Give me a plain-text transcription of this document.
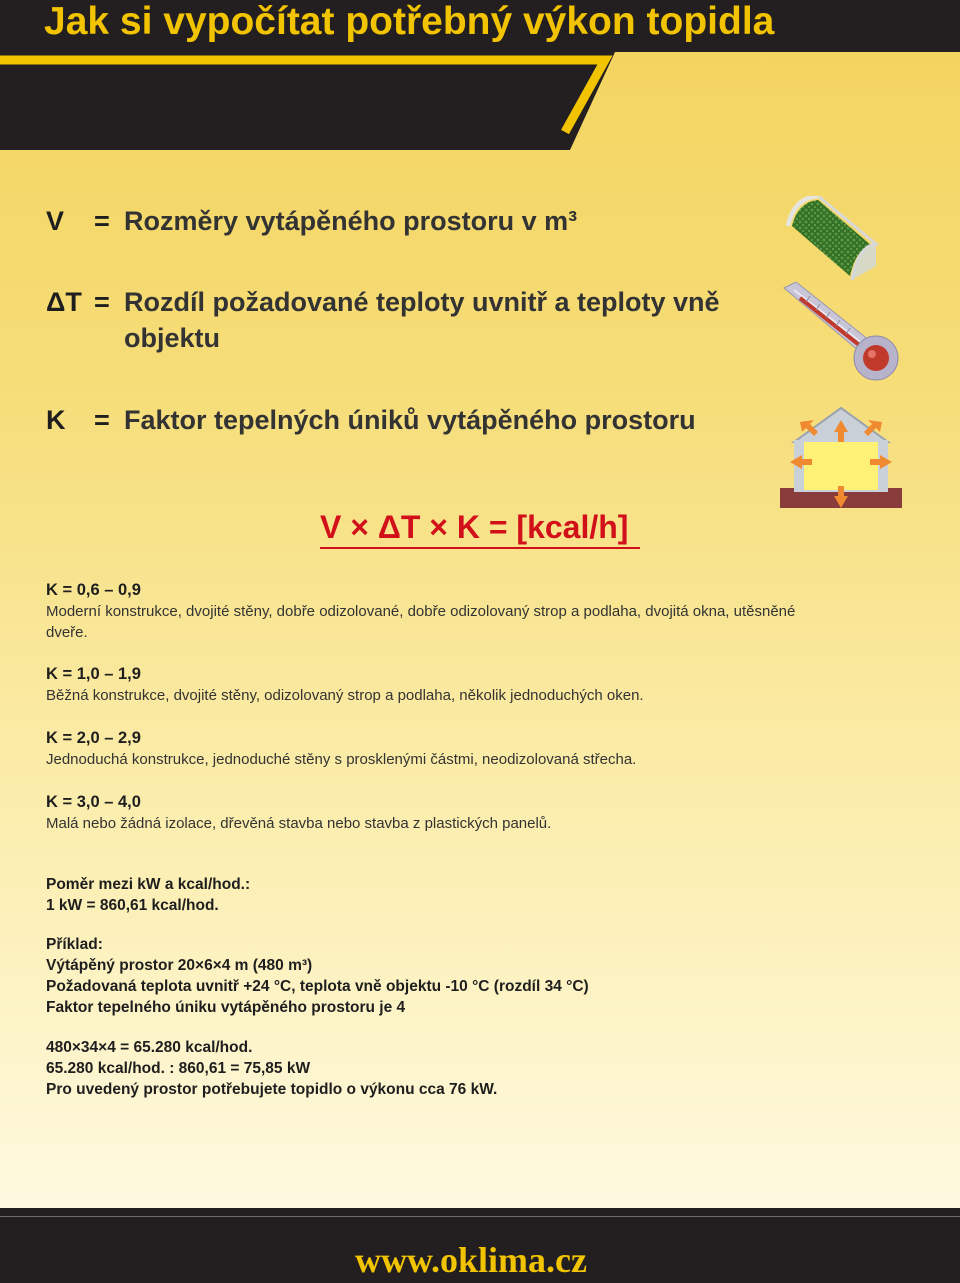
Jak si vypočítat potřebný výkon topidla
V = Rozměry vytápěného prostoru v m³
ΔT = Rozdíl požadované teploty uvnitř a teploty vně objektu
K = Faktor tepelných úniků vytápěného prostoru
V × ΔT × K = [kcal/h]
K = 0,6 – 0,9
Moderní konstrukce, dvojité stěny, dobře odizolované, dobře odizolovaný strop a podlaha, dvojitá okna, utěsněné dveře.
K = 1,0 – 1,9
Běžná konstrukce, dvojité stěny, odizolovaný strop a podlaha, několik jednoduchých oken.
K = 2,0 – 2,9
Jednoduchá konstrukce, jednoduché stěny s prosklenými částmi, neodizolovaná střecha.
K = 3,0 – 4,0
Malá nebo žádná izolace, dřevěná stavba nebo stavba z plastických panelů.
Poměr mezi kW a kcal/hod.:
1 kW = 860,61 kcal/hod.
Příklad:
Výtápěný prostor 20×6×4 m (480 m³)
Požadovaná teplota uvnitř +24 °C, teplota vně objektu -10 °C (rozdíl 34 °C)
Faktor tepelného úniku vytápěného prostoru je 4
480×34×4 = 65.280 kcal/hod.
65.280 kcal/hod. : 860,61 = 75,85 kW
Pro uvedený prostor potřebujete topidlo o výkonu cca 76 kW.
www.oklima.cz
